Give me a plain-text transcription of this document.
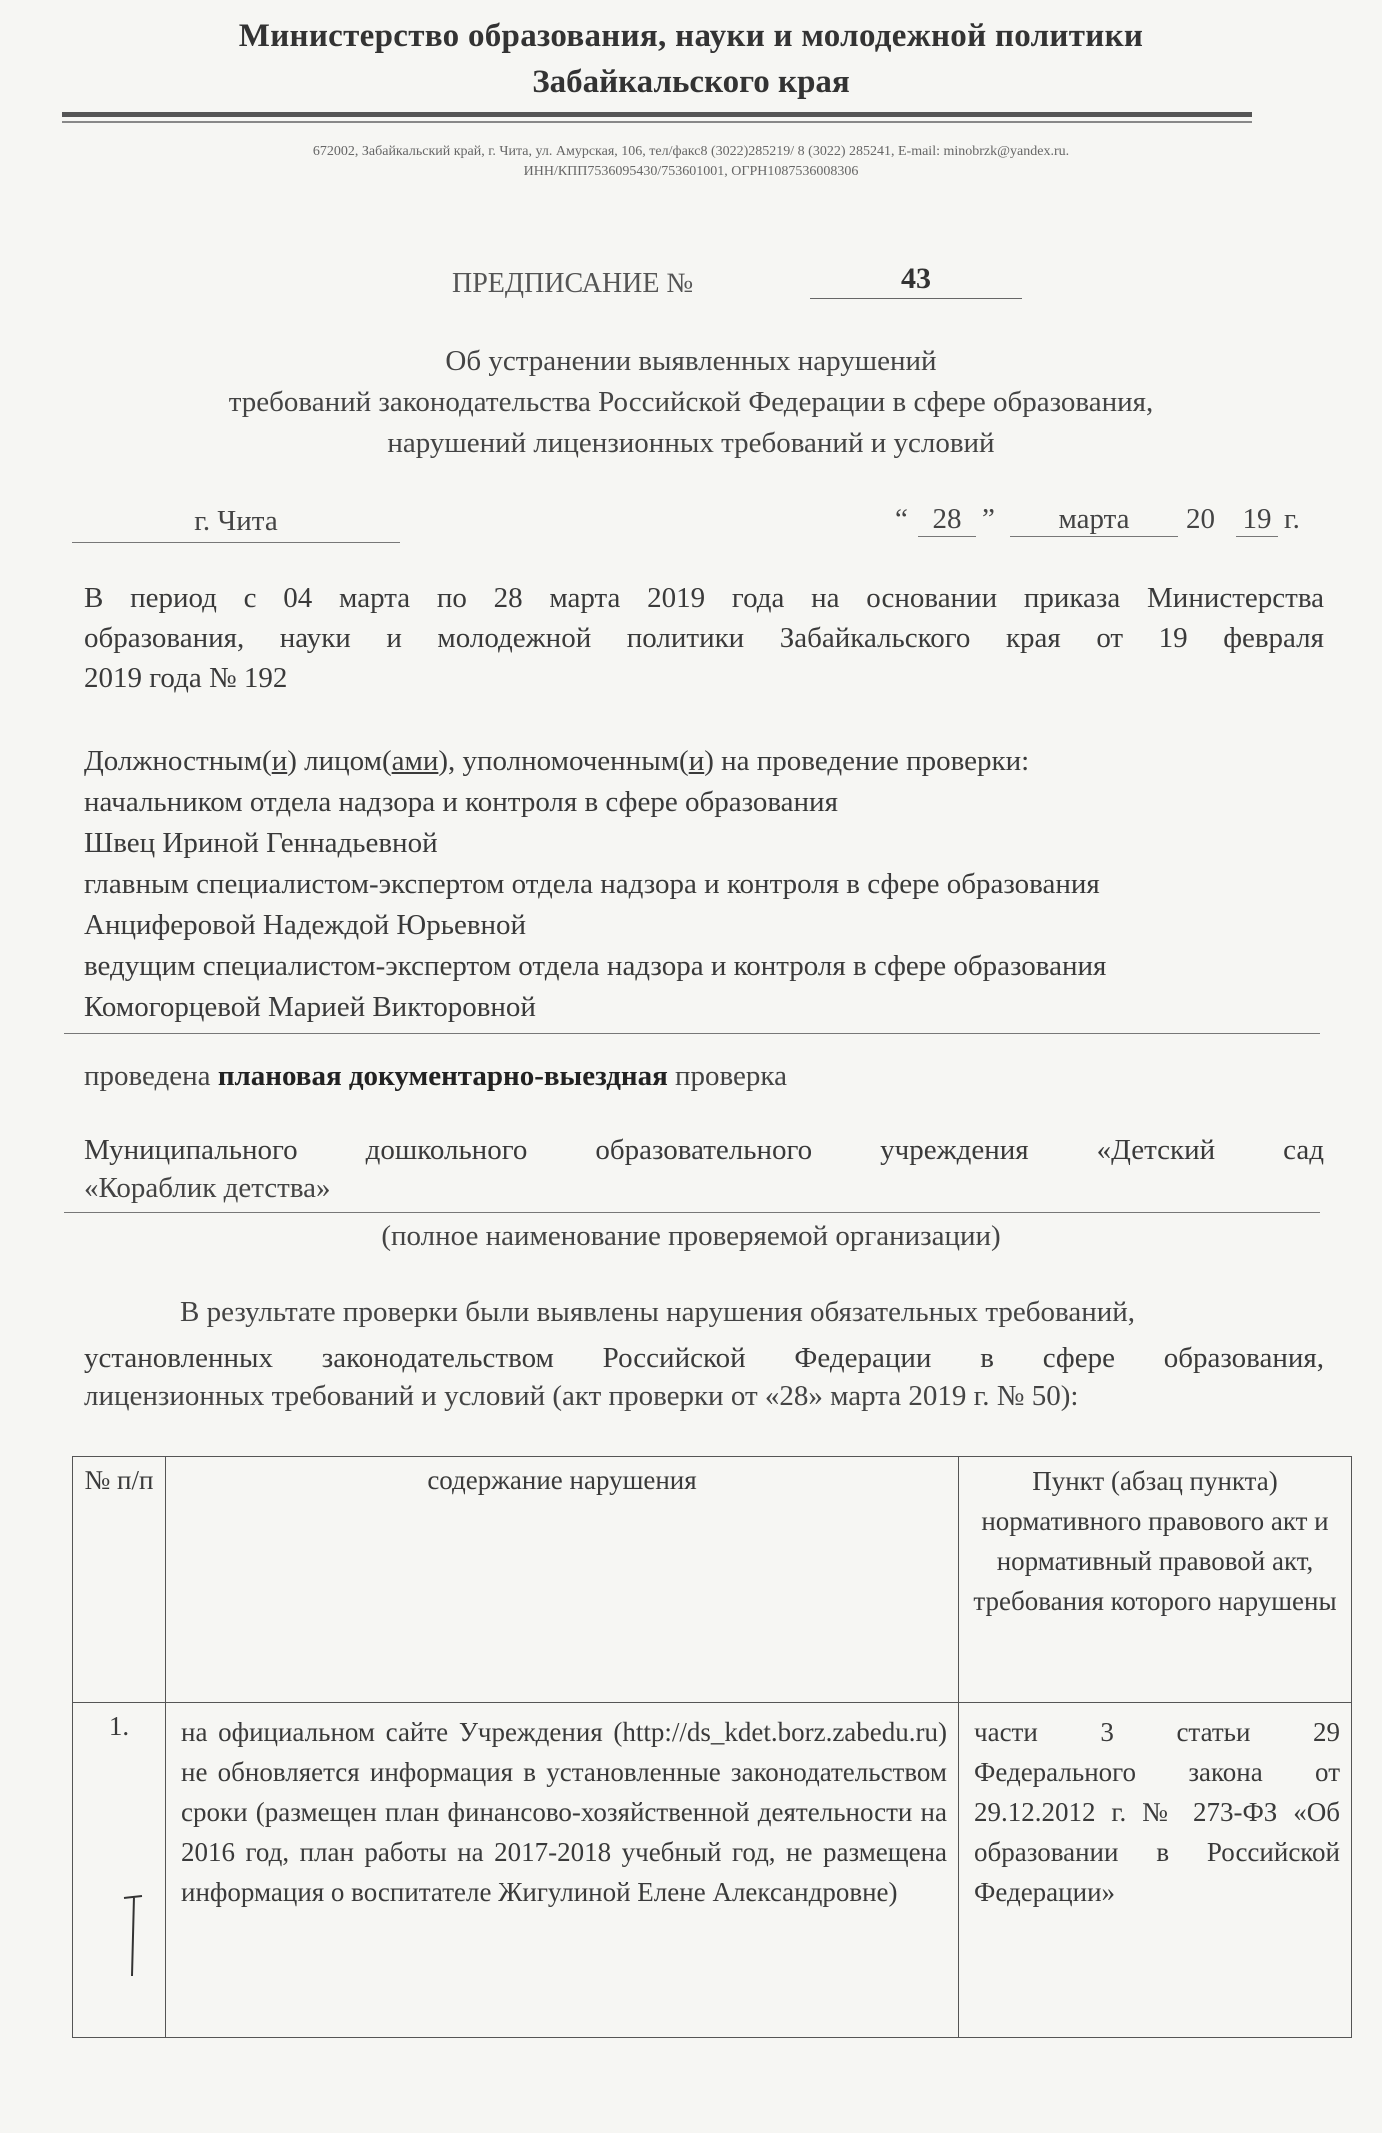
Министерство образования, науки и молодежной политики
Забайкальского края
672002, Забайкальский край, г. Чита, ул. Амурская, 106, тел/факс8 (3022)285219/ 8 (3022) 285241, E-mail: minobrzk@yandex.ru.
ИНН/КПП7536095430/753601001, ОГРН1087536008306
ПРЕДПИСАНИЕ №	43
Об устранении выявленных нарушений
требований законодательства Российской Федерации в сфере образования,
нарушений лицензионных требований и условий
г. Чита	“ 28 ”	марта	20 19 г.
В период с 04 марта по 28 марта 2019 года на основании приказа Министерства
образования, науки и молодежной политики Забайкальского края от 19 февраля
2019 года № 192
Должностным(и) лицом(ами), уполномоченным(и) на проведение проверки:
начальником отдела надзора и контроля в сфере образования
Швец Ириной Геннадьевной
главным специалистом-экспертом отдела надзора и контроля в сфере образования
Анциферовой Надеждой Юрьевной
ведущим специалистом-экспертом отдела надзора и контроля в сфере образования
Комогорцевой Марией Викторовной
проведена плановая документарно-выездная проверка
Муниципального дошкольного образовательного учреждения «Детский сад
«Кораблик детства»
(полное наименование проверяемой организации)
В результате проверки были выявлены нарушения обязательных требований,
установленных законодательством Российской Федерации в сфере образования,
лицензионных требований и условий (акт проверки от «28» марта 2019 г. № 50):
№ п/п	содержание нарушения	Пункт (абзац пункта) нормативного правового акт и нормативный правовой акт, требования которого нарушены
1.	на официальном сайте Учреждения (http://ds_kdet.borz.zabedu.ru) не обновляется информация в установленные законодательством сроки (размещен план финансово-хозяйственной деятельности на 2016 год, план работы на 2017-2018 учебный год, не размещена информация о воспитателе Жигулиной Елене Александровне)	части 3 статьи 29 Федерального закона от 29.12.2012 г. № 273-ФЗ «Об образовании в Российской Федерации»
